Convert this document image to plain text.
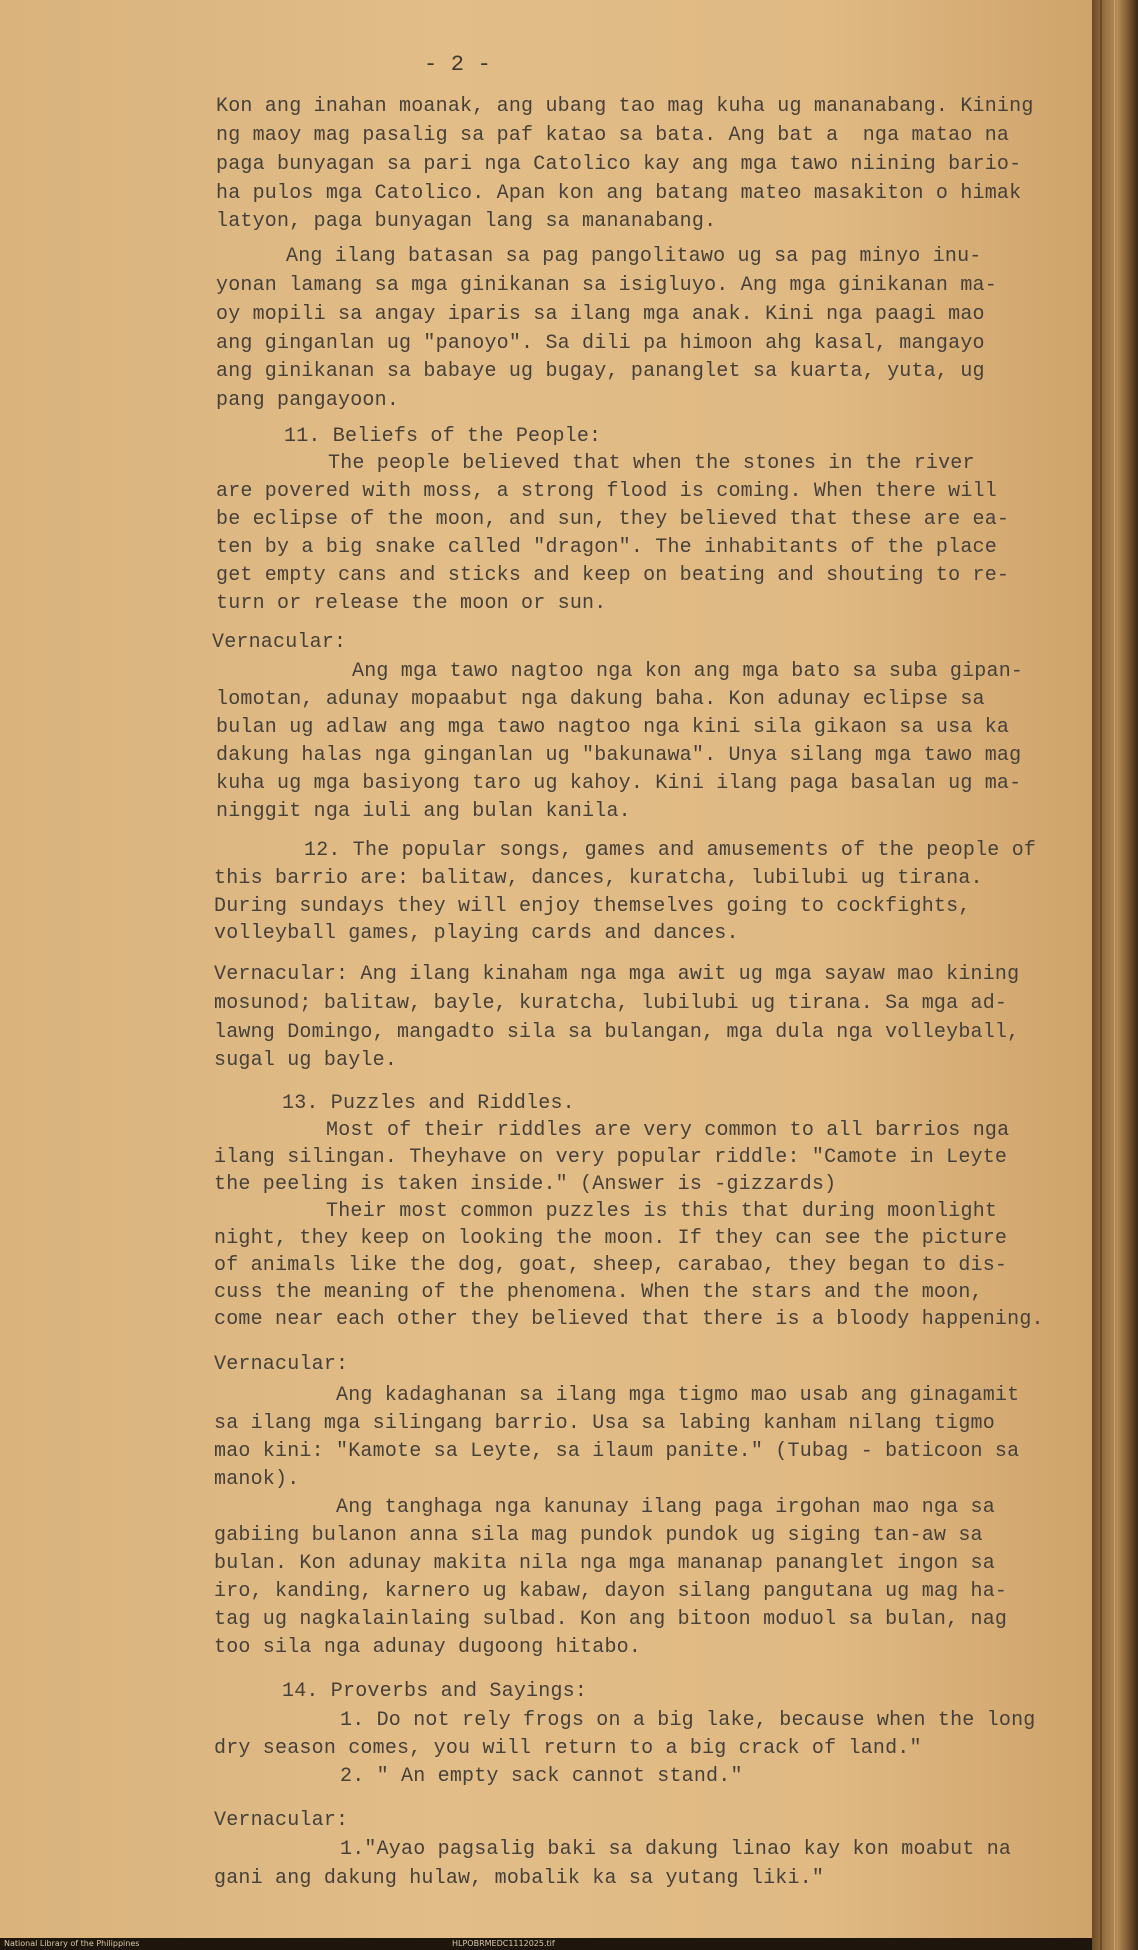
- 2 -
Kon ang inahan moanak, ang ubang tao mag kuha ug mananabang. Kining
ng maoy mag pasalig sa paf katao sa bata. Ang bat a  nga matao na
paga bunyagan sa pari nga Catolico kay ang mga tawo niining bario-
ha pulos mga Catolico. Apan kon ang batang mateo masakiton o himak
latyon, paga bunyagan lang sa mananabang.
Ang ilang batasan sa pag pangolitawo ug sa pag minyo inu-
yonan lamang sa mga ginikanan sa isigluyo. Ang mga ginikanan ma-
oy mopili sa angay iparis sa ilang mga anak. Kini nga paagi mao
ang ginganlan ug "panoyo". Sa dili pa himoon ahg kasal, mangayo
ang ginikanan sa babaye ug bugay, pananglet sa kuarta, yuta, ug
pang pangayoon.
11. Beliefs of the People:
The people believed that when the stones in the river
are povered with moss, a strong flood is coming. When there will
be eclipse of the moon, and sun, they believed that these are ea-
ten by a big snake called "dragon". The inhabitants of the place
get empty cans and sticks and keep on beating and shouting to re-
turn or release the moon or sun.
Vernacular:
Ang mga tawo nagtoo nga kon ang mga bato sa suba gipan-
lomotan, adunay mopaabut nga dakung baha. Kon adunay eclipse sa
bulan ug adlaw ang mga tawo nagtoo nga kini sila gikaon sa usa ka
dakung halas nga ginganlan ug "bakunawa". Unya silang mga tawo mag
kuha ug mga basiyong taro ug kahoy. Kini ilang paga basalan ug ma-
ninggit nga iuli ang bulan kanila.
12. The popular songs, games and amusements of the people of
this barrio are: balitaw, dances, kuratcha, lubilubi ug tirana.
During sundays they will enjoy themselves going to cockfights,
volleyball games, playing cards and dances.
Vernacular: Ang ilang kinaham nga mga awit ug mga sayaw mao kining
mosunod; balitaw, bayle, kuratcha, lubilubi ug tirana. Sa mga ad-
lawng Domingo, mangadto sila sa bulangan, mga dula nga volleyball,
sugal ug bayle.
13. Puzzles and Riddles.
Most of their riddles are very common to all barrios nga
ilang silingan. Theyhave on very popular riddle: "Camote in Leyte
the peeling is taken inside." (Answer is -gizzards)
Their most common puzzles is this that during moonlight
night, they keep on looking the moon. If they can see the picture
of animals like the dog, goat, sheep, carabao, they began to dis-
cuss the meaning of the phenomena. When the stars and the moon,
come near each other they believed that there is a bloody happening.
Vernacular:
Ang kadaghanan sa ilang mga tigmo mao usab ang ginagamit
sa ilang mga silingang barrio. Usa sa labing kanham nilang tigmo
mao kini: "Kamote sa Leyte, sa ilaum panite." (Tubag - baticoon sa
manok).
Ang tanghaga nga kanunay ilang paga irgohan mao nga sa
gabiing bulanon anna sila mag pundok pundok ug siging tan-aw sa
bulan. Kon adunay makita nila nga mga mananap pananglet ingon sa
iro, kanding, karnero ug kabaw, dayon silang pangutana ug mag ha-
tag ug nagkalainlaing sulbad. Kon ang bitoon moduol sa bulan, nag
too sila nga adunay dugoong hitabo.
14. Proverbs and Sayings:
1. Do not rely frogs on a big lake, because when the long
dry season comes, you will return to a big crack of land."
2. " An empty sack cannot stand."
Vernacular:
1."Ayao pagsalig baki sa dakung linao kay kon moabut na
gani ang dakung hulaw, mobalik ka sa yutang liki."
National Library of the Philippines	HLPOBRMEDC1112025.tif
